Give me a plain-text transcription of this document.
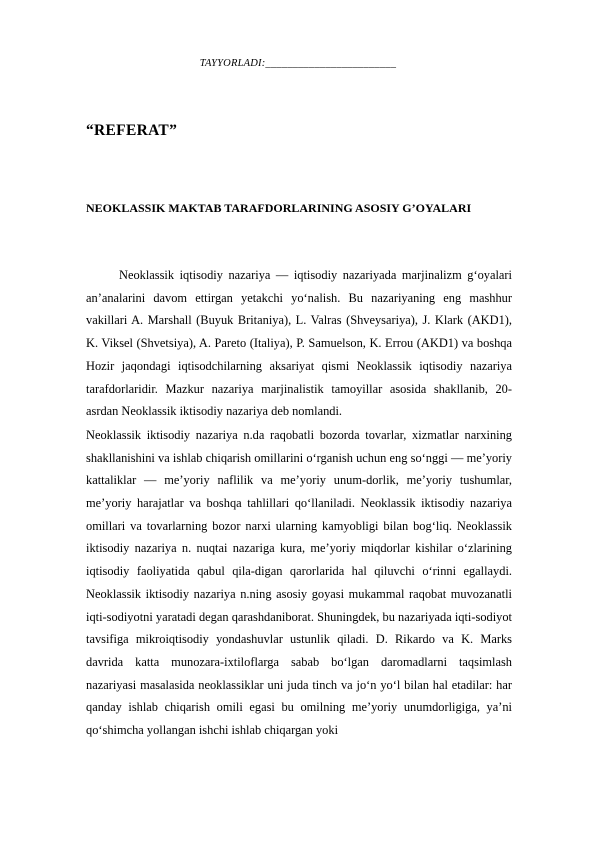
TAYYORLADI:________________________
“REFERAT”
NEOKLASSIK MAKTAB TARAFDORLARINING ASOSIY G’OYALARI

Neoklassik iqtisodiy nazariya — iqtisodiy nazariyada marjinalizm g‘oyalari an’analarini davom ettirgan yetakchi yo‘nalish. Bu nazariyaning eng mashhur vakillari A. Marshall (Buyuk Britaniya), L. Valras (Shveysariya), J. Klark (AKD1), K. Viksel (Shvetsiya), A. Pareto (Italiya), P. Samuelson, K. Errou (AKD1) va boshqa Hozir jaqondagi iqtisodchilarning aksariyat qismi Neoklassik iqtisodiy nazariya tarafdorlaridir. Mazkur nazariya marjinalistik tamoyillar asosida shakllanib, 20-asrdan Neoklassik iktisodiy nazariya deb nomlandi.

Neoklassik iktisodiy nazariya n.da raqobatli bozorda tovarlar, xizmatlar narxining shakllanishini va ishlab chiqarish omillarini o‘rganish uchun eng so‘nggi — me’yoriy kattaliklar — me’yoriy naflilik va me’yoriy unum-dorlik, me’yoriy tushumlar, me’yoriy harajatlar va boshqa tahlillari qo‘llaniladi. Neoklassik iktisodiy nazariya omillari va tovarlarning bozor narxi ularning kamyobligi bilan bog‘liq. Neoklassik iktisodiy nazariya n. nuqtai nazariga kura, me’yoriy miqdorlar kishilar o‘zlarining iqtisodiy faoliyatida qabul qila-digan qarorlarida hal qiluvchi o‘rinni egallaydi. Neoklassik iktisodiy nazariya n.ning asosiy goyasi mukammal raqobat muvozanatli iqti-sodiyotni yaratadi degan qarashdaniborat. Shuningdek, bu nazariyada iqti-sodiyot tavsifiga mikroiqtisodiy yondashuvlar ustunlik qiladi. D. Rikardo va K. Marks davrida katta munozara-ixtiloflarga sabab bo‘lgan daromadlarni taqsimlash nazariyasi masalasida neoklassiklar uni juda tinch va jo‘n yo‘l bilan hal etadilar: har qanday ishlab chiqarish omili egasi bu omilning me’yoriy unumdorligiga, ya’ni qo‘shimcha yollangan ishchi ishlab chiqargan yoki
